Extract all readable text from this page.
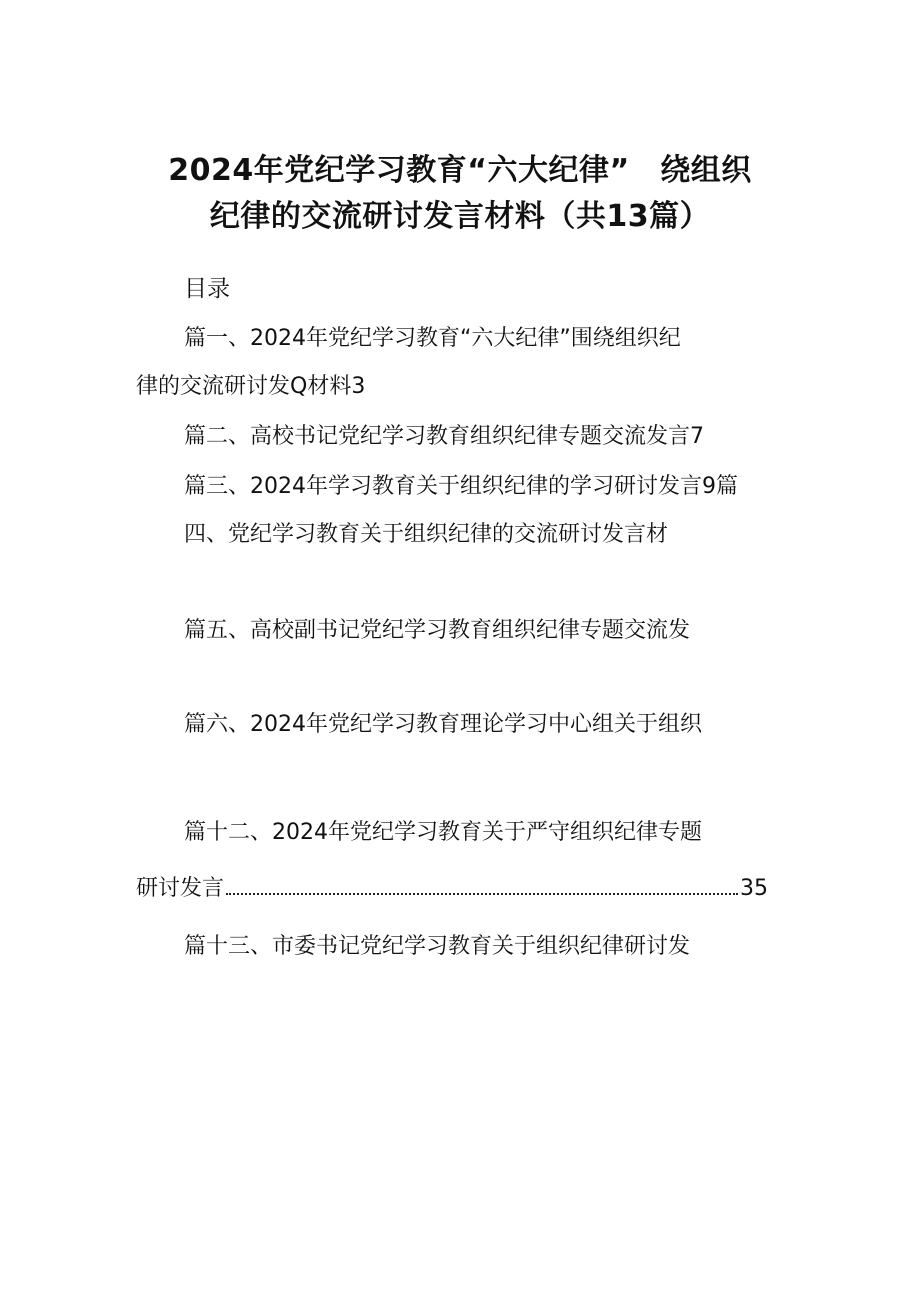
2024年党纪学习教育“六大纪律”　绕组织
纪律的交流研讨发言材料（共13篇）

目录

篇一、2024年党纪学习教育“六大纪律”围绕组织纪

律的交流研讨发Q材料3

篇二、高校书记党纪学习教育组织纪律专题交流发言7

篇三、2024年学习教育关于组织纪律的学习研讨发言9篇

四、党纪学习教育关于组织纪律的交流研讨发言材

篇五、高校副书记党纪学习教育组织纪律专题交流发

篇六、2024年党纪学习教育理论学习中心组关于组织

篇十二、2024年党纪学习教育关于严守组织纪律专题

研讨发言	35

篇十三、市委书记党纪学习教育关于组织纪律研讨发
